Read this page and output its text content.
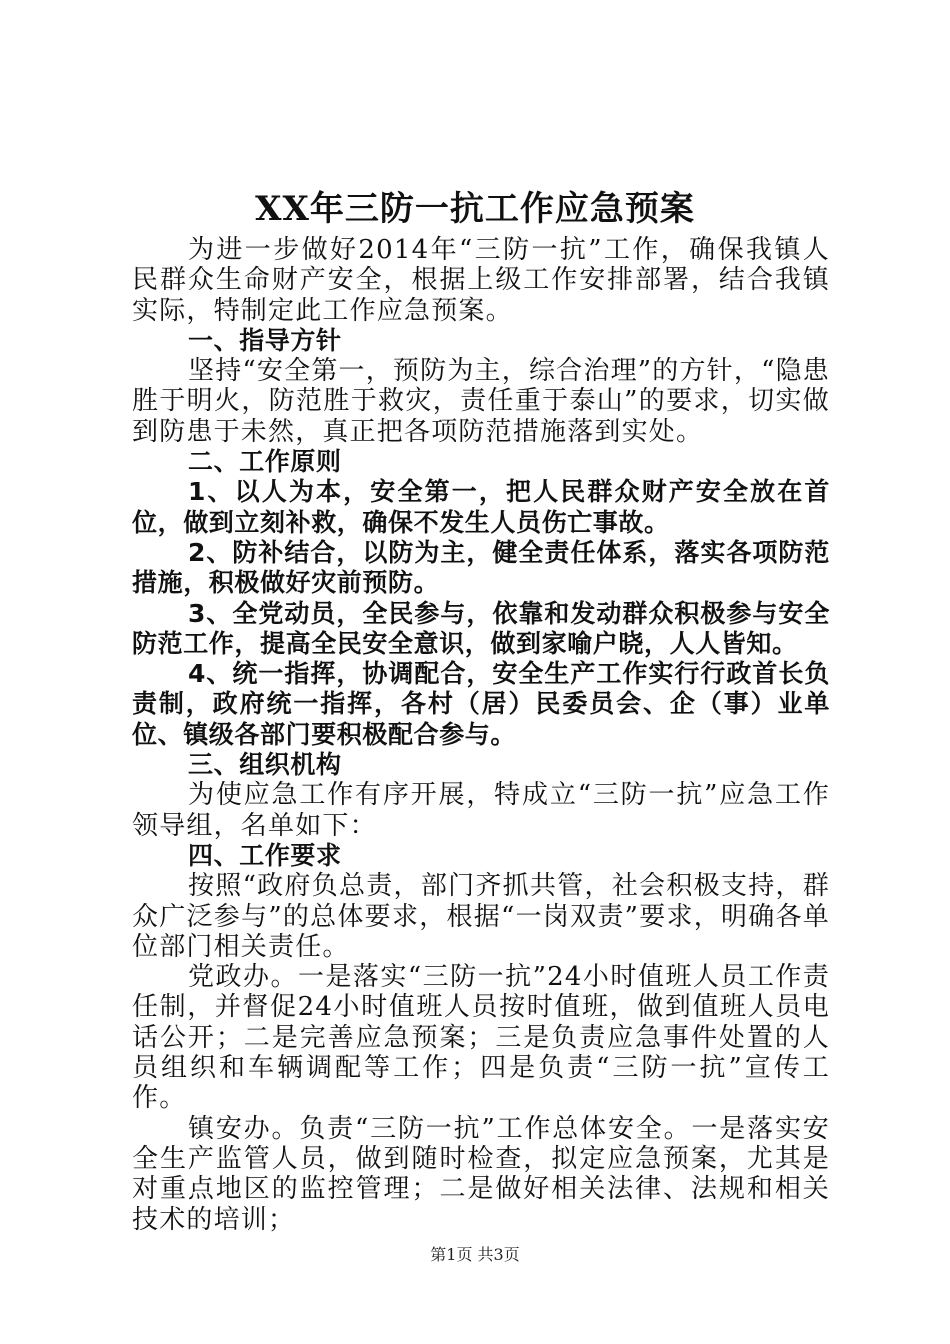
XX年三防一抗工作应急预案

为进一步做好2014年“三防一抗”工作，确保我镇人民群众生命财产安全，根据上级工作安排部署，结合我镇实际，特制定此工作应急预案。

一、指导方针

坚持“安全第一，预防为主，综合治理”的方针，“隐患胜于明火，防范胜于救灾，责任重于泰山”的要求，切实做到防患于未然，真正把各项防范措施落到实处。

二、工作原则

1、以人为本，安全第一，把人民群众财产安全放在首位，做到立刻补救，确保不发生人员伤亡事故。

2、防补结合，以防为主，健全责任体系，落实各项防范措施，积极做好灾前预防。

3、全党动员，全民参与，依靠和发动群众积极参与安全防范工作，提高全民安全意识，做到家喻户晓，人人皆知。

4、统一指挥，协调配合，安全生产工作实行行政首长负责制，政府统一指挥，各村（居）民委员会、企（事）业单位、镇级各部门要积极配合参与。

三、组织机构

为使应急工作有序开展，特成立“三防一抗”应急工作领导组，名单如下：

四、工作要求

按照“政府负总责，部门齐抓共管，社会积极支持，群众广泛参与”的总体要求，根据“一岗双责”要求，明确各单位部门相关责任。

党政办。一是落实“三防一抗”24小时值班人员工作责任制，并督促24小时值班人员按时值班，做到值班人员电话公开；二是完善应急预案；三是负责应急事件处置的人员组织和车辆调配等工作；四是负责“三防一抗”宣传工作。

镇安办。负责“三防一抗”工作总体安全。一是落实安全生产监管人员，做到随时检查，拟定应急预案，尤其是对重点地区的监控管理；二是做好相关法律、法规和相关技术的培训；

第1页 共3页
